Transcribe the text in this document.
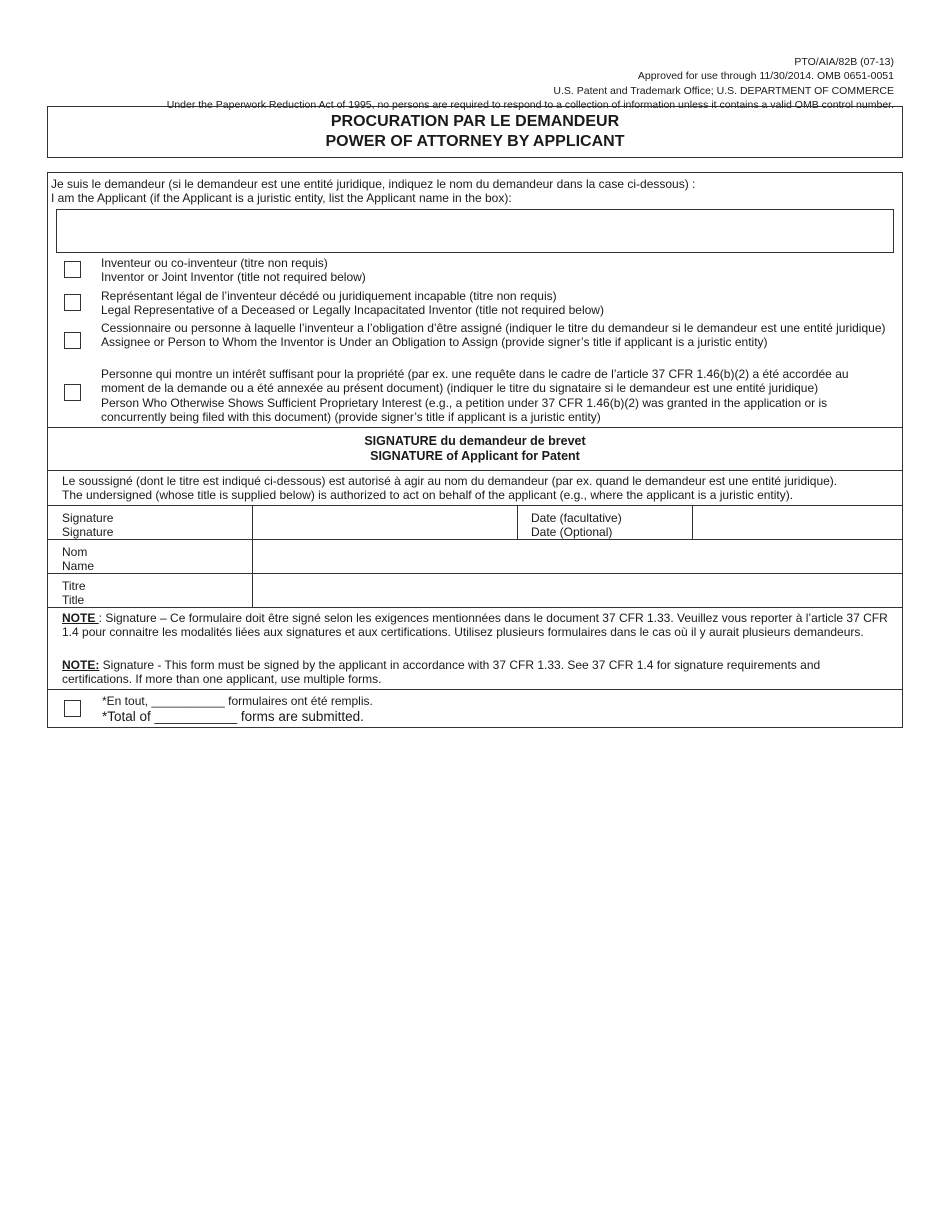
PTO/AIA/82B (07-13)
Approved for use through 11/30/2014. OMB 0651-0051
U.S. Patent and Trademark Office; U.S. DEPARTMENT OF COMMERCE
Under the Paperwork Reduction Act of 1995, no persons are required to respond to a collection of information unless it contains a valid OMB control number.
PROCURATION PAR LE DEMANDEUR
POWER OF ATTORNEY BY APPLICANT
Je suis le demandeur (si le demandeur est une entité juridique, indiquez le nom du demandeur dans la case ci-dessous) :
I am the Applicant (if the Applicant is a juristic entity, list the Applicant name in the box):
Inventeur ou co-inventeur (titre non requis)
Inventor or Joint Inventor (title not required below)
Représentant légal de l’inventeur décédé ou juridiquement incapable (titre non requis)
Legal Representative of a Deceased or Legally Incapacitated Inventor (title not required below)
Cessionnaire ou personne à laquelle l’inventeur a l’obligation d’être assigné (indiquer le titre du demandeur si le demandeur est une entité juridique)
Assignee or Person to Whom the Inventor is Under an Obligation to Assign (provide signer’s title if applicant is a juristic entity)
Personne qui montre un intérêt suffisant pour la propriété (par ex. une requête dans le cadre de l’article 37 CFR 1.46(b)(2) a été accordée au moment de la demande ou a été annexée au présent document) (indiquer le titre du signataire si le demandeur est une entité juridique)
Person Who Otherwise Shows Sufficient Proprietary Interest (e.g., a petition under 37 CFR 1.46(b)(2) was granted in the application or is concurrently being filed with this document) (provide signer’s title if applicant is a juristic entity)
SIGNATURE du demandeur de brevet
SIGNATURE of Applicant for Patent
Le soussigné (dont le titre est indiqué ci-dessous) est autorisé à agir au nom du demandeur (par ex. quand le demandeur est une entité juridique).
The undersigned (whose title is supplied below) is authorized to act on behalf of the applicant (e.g., where the applicant is a juristic entity).
Signature
Signature
Date (facultative)
Date (Optional)
Nom
Name
Titre
Title
NOTE : Signature – Ce formulaire doit être signé selon les exigences mentionnées dans le document 37 CFR 1.33. Veuillez vous reporter à l’article 37 CFR 1.4 pour connaitre les modalités liées aux signatures et aux certifications. Utilisez plusieurs formulaires dans le cas où il y aurait plusieurs demandeurs.
NOTE: Signature - This form must be signed by the applicant in accordance with 37 CFR 1.33. See 37 CFR 1.4 for signature requirements and certifications. If more than one applicant, use multiple forms.
*En tout, ___________ formulaires ont été remplis.
*Total of ___________ forms are submitted.
